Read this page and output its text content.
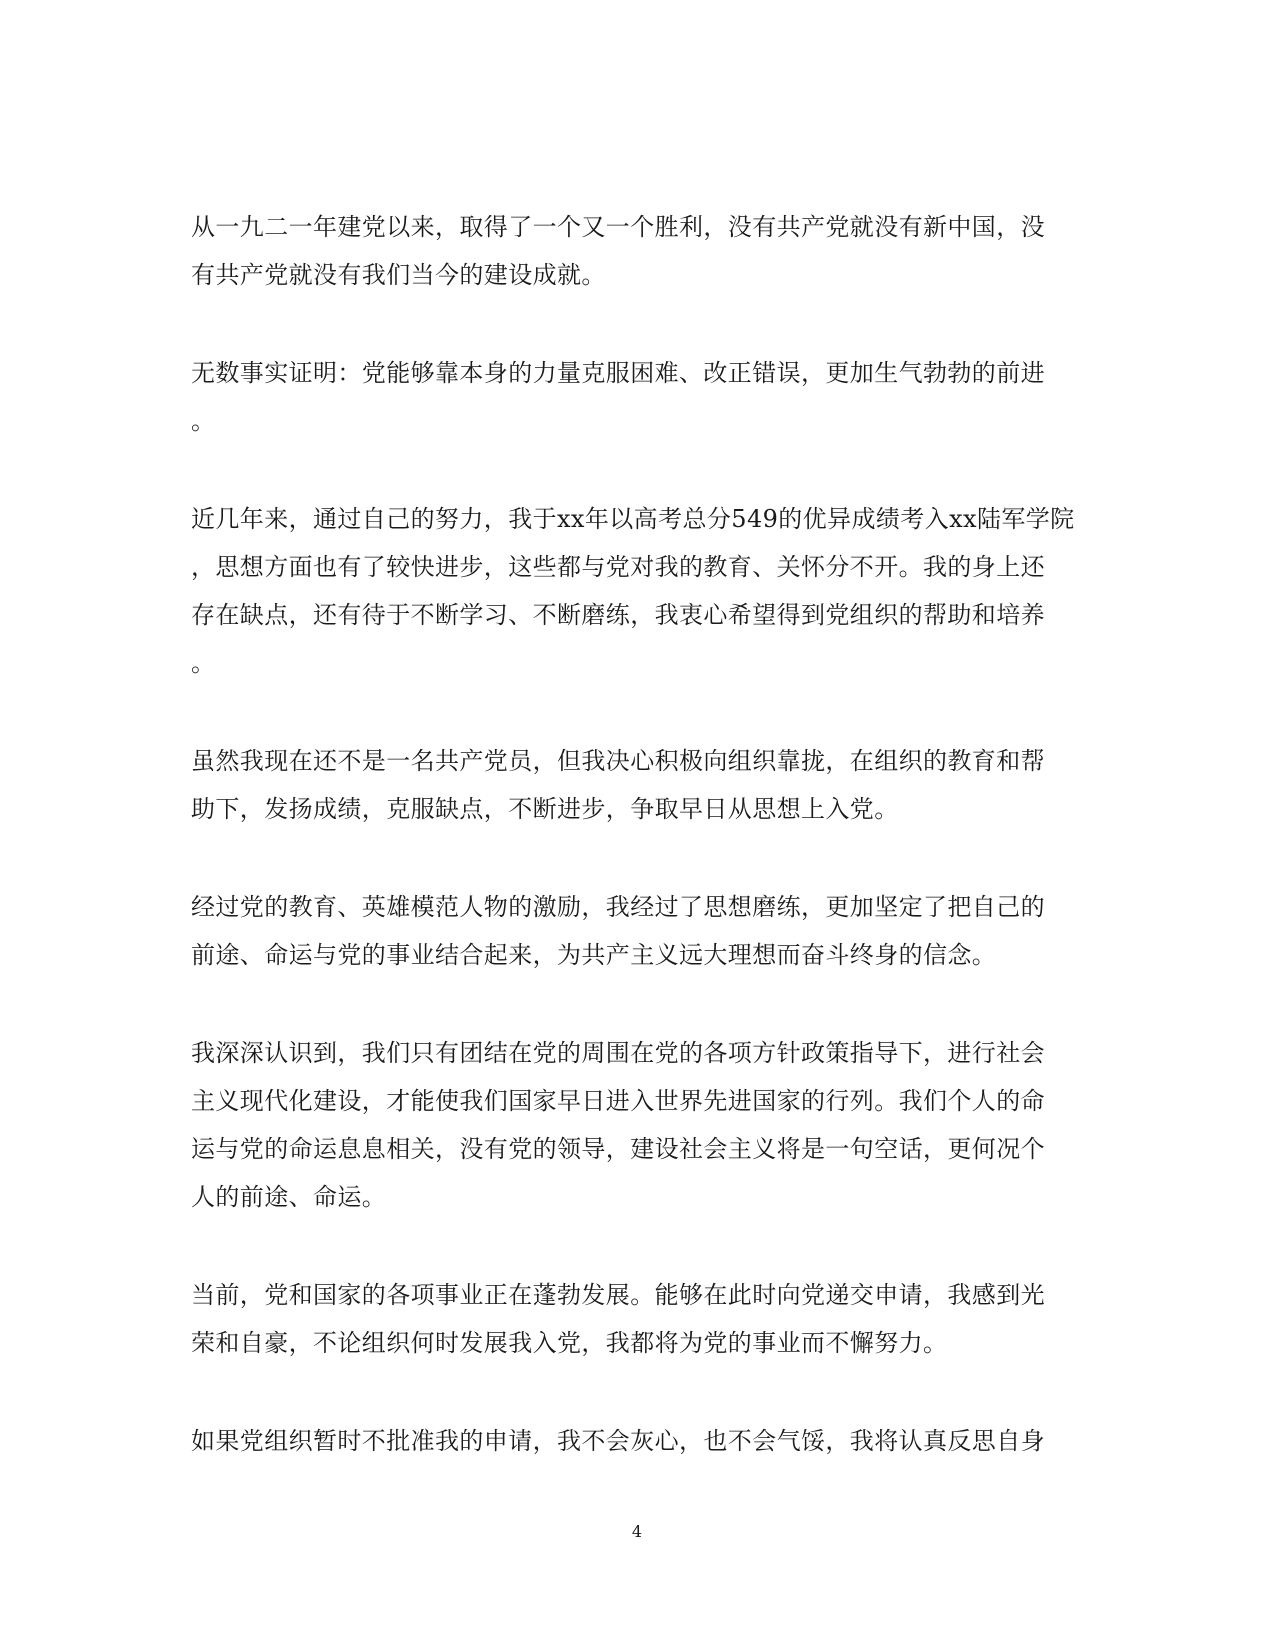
从一九二一年建党以来，取得了一个又一个胜利，没有共产党就没有新中国，没
有共产党就没有我们当今的建设成就。

无数事实证明：党能够靠本身的力量克服困难、改正错误，更加生气勃勃的前进
。

近几年来，通过自己的努力，我于xx年以高考总分549的优异成绩考入xx陆军学院
，思想方面也有了较快进步，这些都与党对我的教育、关怀分不开。我的身上还
存在缺点，还有待于不断学习、不断磨练，我衷心希望得到党组织的帮助和培养
。

虽然我现在还不是一名共产党员，但我决心积极向组织靠拢，在组织的教育和帮
助下，发扬成绩，克服缺点，不断进步，争取早日从思想上入党。

经过党的教育、英雄模范人物的激励，我经过了思想磨练，更加坚定了把自己的
前途、命运与党的事业结合起来，为共产主义远大理想而奋斗终身的信念。

我深深认识到，我们只有团结在党的周围在党的各项方针政策指导下，进行社会
主义现代化建设，才能使我们国家早日进入世界先进国家的行列。我们个人的命
运与党的命运息息相关，没有党的领导，建设社会主义将是一句空话，更何况个
人的前途、命运。

当前，党和国家的各项事业正在蓬勃发展。能够在此时向党递交申请，我感到光
荣和自豪，不论组织何时发展我入党，我都将为党的事业而不懈努力。

如果党组织暂时不批准我的申请，我不会灰心，也不会气馁，我将认真反思自身

4
